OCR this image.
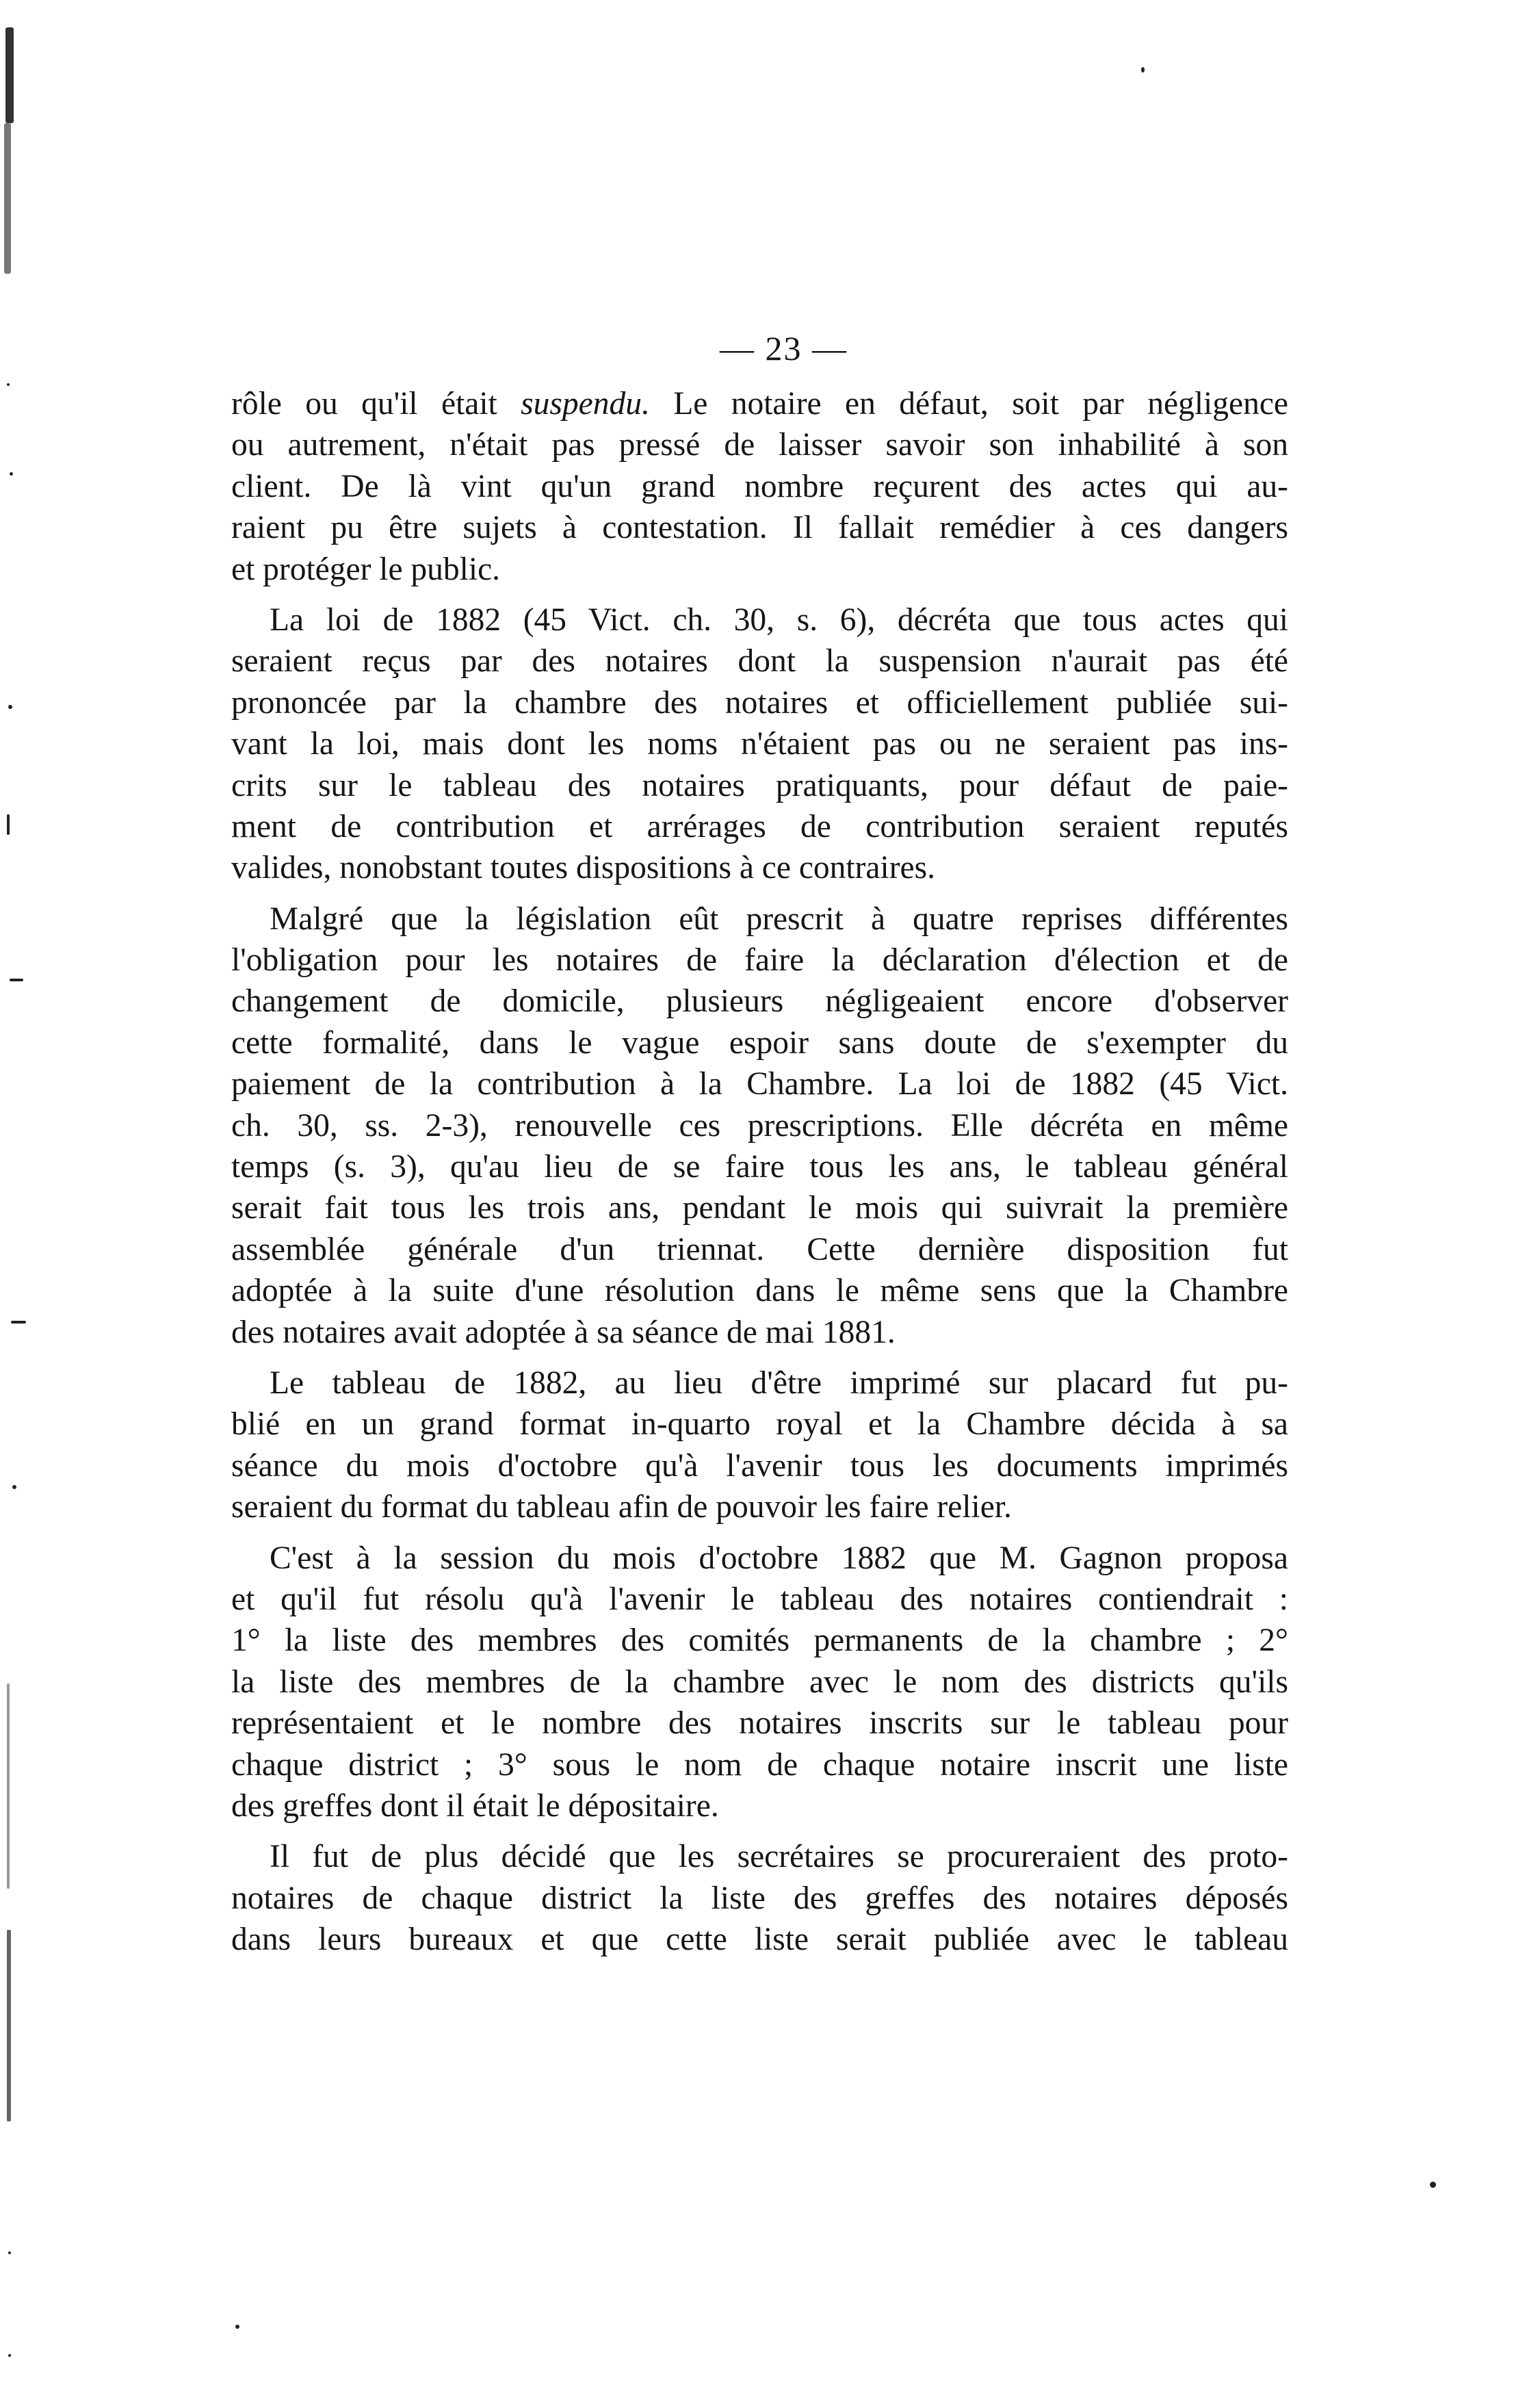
— 23 —

rôle ou qu'il était suspendu. Le notaire en défaut, soit par négligence
ou autrement, n'était pas pressé de laisser savoir son inhabilité à son
client. De là vint qu'un grand nombre reçurent des actes qui au-
raient pu être sujets à contestation. Il fallait remédier à ces dangers
et protéger le public.

La loi de 1882 (45 Vict. ch. 30, s. 6), décréta que tous actes qui
seraient reçus par des notaires dont la suspension n'aurait pas été
prononcée par la chambre des notaires et officiellement publiée sui-
vant la loi, mais dont les noms n'étaient pas ou ne seraient pas ins-
crits sur le tableau des notaires pratiquants, pour défaut de paie-
ment de contribution et arrérages de contribution seraient reputés
valides, nonobstant toutes dispositions à ce contraires.

Malgré que la législation eût prescrit à quatre reprises différentes
l'obligation pour les notaires de faire la déclaration d'élection et de
changement de domicile, plusieurs négligeaient encore d'observer
cette formalité, dans le vague espoir sans doute de s'exempter du
paiement de la contribution à la Chambre. La loi de 1882 (45 Vict.
ch. 30, ss. 2-3), renouvelle ces prescriptions. Elle décréta en même
temps (s. 3), qu'au lieu de se faire tous les ans, le tableau général
serait fait tous les trois ans, pendant le mois qui suivrait la première
assemblée générale d'un triennat. Cette dernière disposition fut
adoptée à la suite d'une résolution dans le même sens que la Chambre
des notaires avait adoptée à sa séance de mai 1881.

Le tableau de 1882, au lieu d'être imprimé sur placard fut pu-
blié en un grand format in-quarto royal et la Chambre décida à sa
séance du mois d'octobre qu'à l'avenir tous les documents imprimés
seraient du format du tableau afin de pouvoir les faire relier.

C'est à la session du mois d'octobre 1882 que M. Gagnon proposa
et qu'il fut résolu qu'à l'avenir le tableau des notaires contiendrait :
1° la liste des membres des comités permanents de la chambre ; 2°
la liste des membres de la chambre avec le nom des districts qu'ils
représentaient et le nombre des notaires inscrits sur le tableau pour
chaque district ; 3° sous le nom de chaque notaire inscrit une liste
des greffes dont il était le dépositaire.

Il fut de plus décidé que les secrétaires se procureraient des proto-
notaires de chaque district la liste des greffes des notaires déposés
dans leurs bureaux et que cette liste serait publiée avec le tableau
